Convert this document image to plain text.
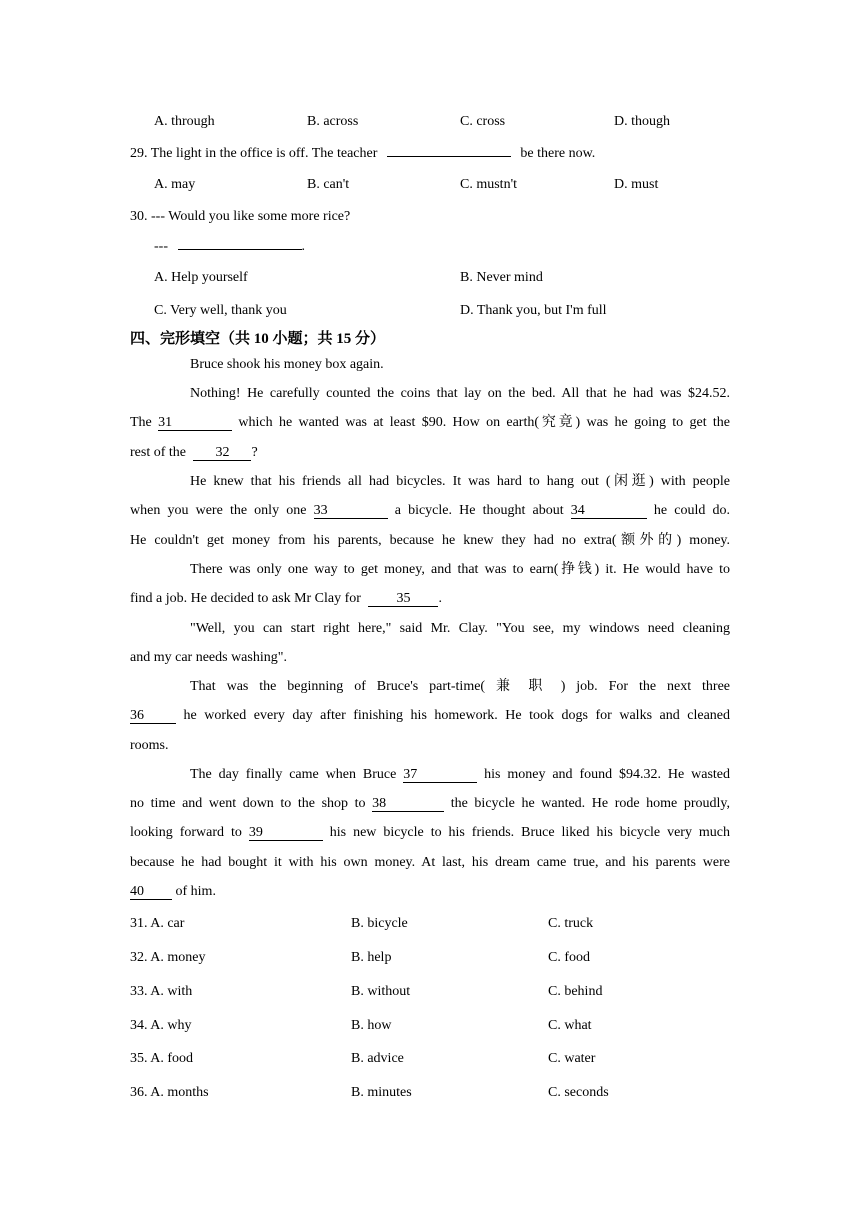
A. through	B. across	C. cross	D. though
29. The light in the office is off. The teacher	be there now.
A. may	B. can't	C. mustn't	D. must
30. --- Would you like some more rice?
---	.
A. Help yourself	B. Never mind
C. Very well, thank you	D. Thank you, but I'm full
四、完形填空（共 10 小题；共 15 分）
Bruce shook his money box again.
Nothing! He carefully counted the coins that lay on the bed. All that he had was $24.52.
The 31	which he wanted was at least $90. How on earth(究竟) was he going to get the
rest of the 32 ?
He knew that his friends all had bicycles. It was hard to hang out (闲逛) with people
when you were the only one 33	a bicycle. He thought about 34	he could do.
He couldn't get money from his parents, because he knew they had no extra(额外的) money.
There was only one way to get money, and that was to earn(挣钱) it. He would have to
find a job. He decided to ask Mr Clay for	35 .
"Well, you can start right here," said Mr. Clay. "You see, my windows need cleaning
and my car needs washing".
That was the beginning of Bruce's part-time( 兼 职 ) job. For the next three
36	he worked every day after finishing his homework. He took dogs for walks and cleaned
rooms.
The day finally came when Bruce 37	his money and found $94.32. He wasted
no time and went down to the shop to 38	the bicycle he wanted. He rode home proudly,
looking forward to 39	his new bicycle to his friends. Bruce liked his bicycle very much
because he had bought it with his own money. At last, his dream came true, and his parents were
40 of him.
31. A. car	B. bicycle	C. truck
32. A. money	B. help	C. food
33. A. with	B. without	C. behind
34. A. why	B. how	C. what
35. A. food	B. advice	C. water
36. A. months	B. minutes	C. seconds
